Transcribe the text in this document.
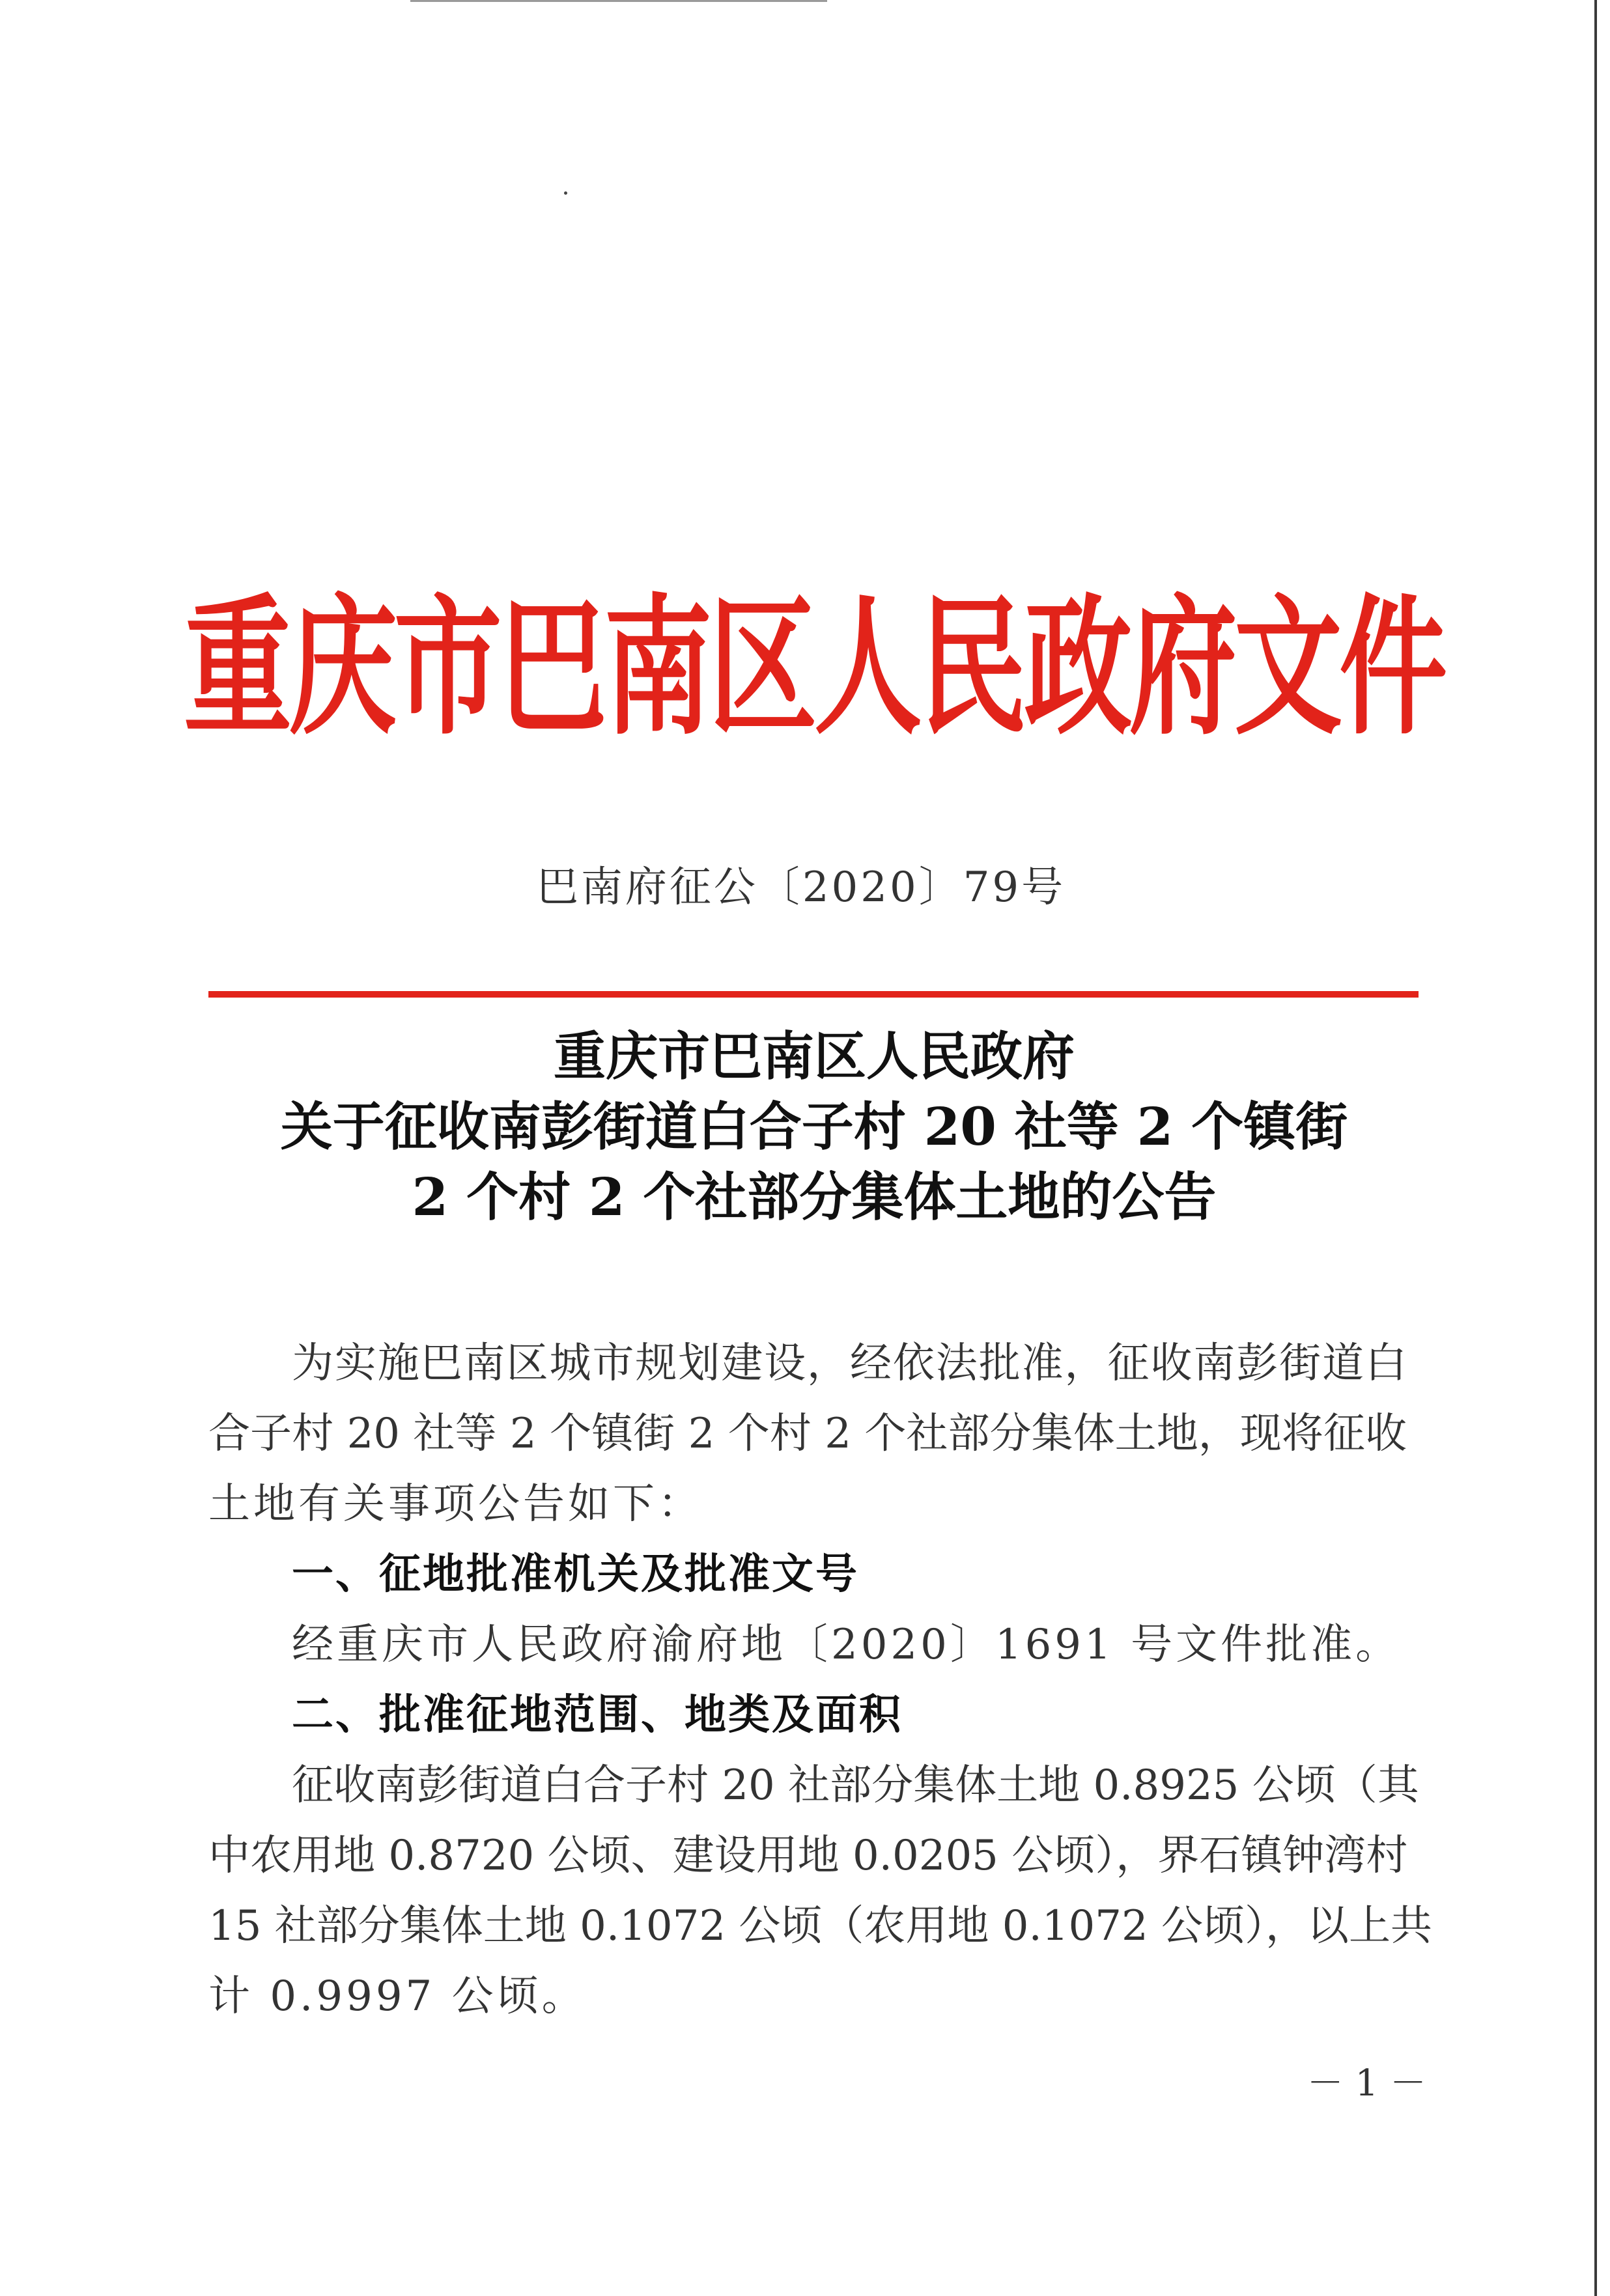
重庆市巴南区人民政府文件
巴南府征公〔2020〕79号
重庆市巴南区人民政府
关于征收南彭街道白合子村 20 社等 2 个镇街
2 个村 2 个社部分集体土地的公告
为实施巴南区城市规划建设，经依法批准，征收南彭街道白
合子村 20 社等 2 个镇街 2 个村 2 个社部分集体土地，现将征收
土地有关事项公告如下：
一、征地批准机关及批准文号
经重庆市人民政府渝府地〔2020〕1691 号文件批准。
二、批准征地范围、地类及面积
征收南彭街道白合子村 20 社部分集体土地 0.8925 公顷（其
中农用地 0.8720 公顷、建设用地 0.0205 公顷），界石镇钟湾村
15 社部分集体土地 0.1072 公顷（农用地 0.1072 公顷），以上共
计 0.9997 公顷。
－ 1 －
